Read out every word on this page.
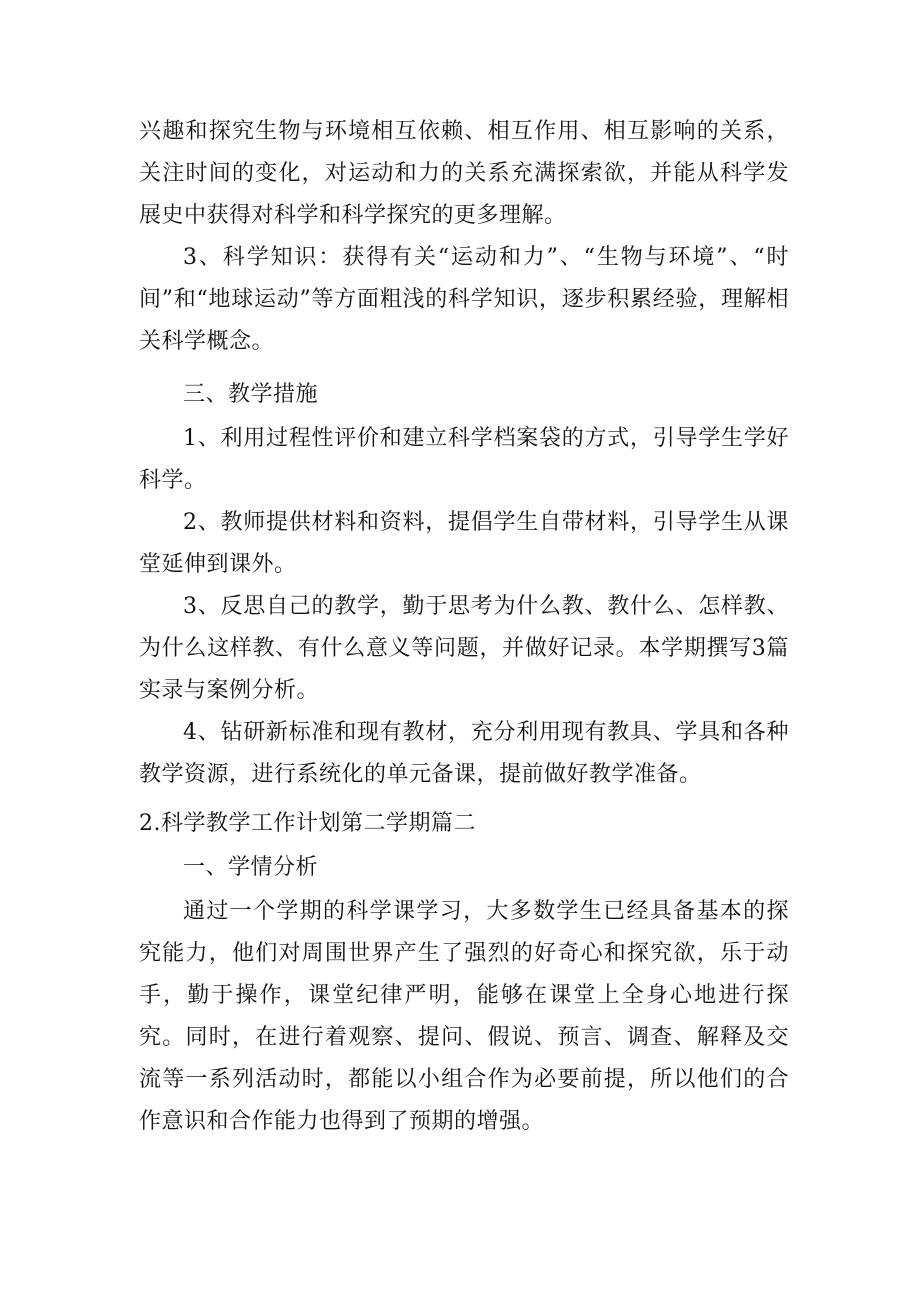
兴趣和探究生物与环境相互依赖、相互作用、相互影响的关系，关注时间的变化，对运动和力的关系充满探索欲，并能从科学发展史中获得对科学和科学探究的更多理解。

3、科学知识：获得有关“运动和力”、“生物与环境”、“时间”和“地球运动”等方面粗浅的科学知识，逐步积累经验，理解相关科学概念。

三、教学措施

1、利用过程性评价和建立科学档案袋的方式，引导学生学好科学。

2、教师提供材料和资料，提倡学生自带材料，引导学生从课堂延伸到课外。

3、反思自己的教学，勤于思考为什么教、教什么、怎样教、为什么这样教、有什么意义等问题，并做好记录。本学期撰写3篇实录与案例分析。

4、钻研新标准和现有教材，充分利用现有教具、学具和各种教学资源，进行系统化的单元备课，提前做好教学准备。

2.科学教学工作计划第二学期篇二

一、学情分析

通过一个学期的科学课学习，大多数学生已经具备基本的探究能力，他们对周围世界产生了强烈的好奇心和探究欲，乐于动手，勤于操作，课堂纪律严明，能够在课堂上全身心地进行探究。同时，在进行着观察、提问、假说、预言、调查、解释及交流等一系列活动时，都能以小组合作为必要前提，所以他们的合作意识和合作能力也得到了预期的增强。
